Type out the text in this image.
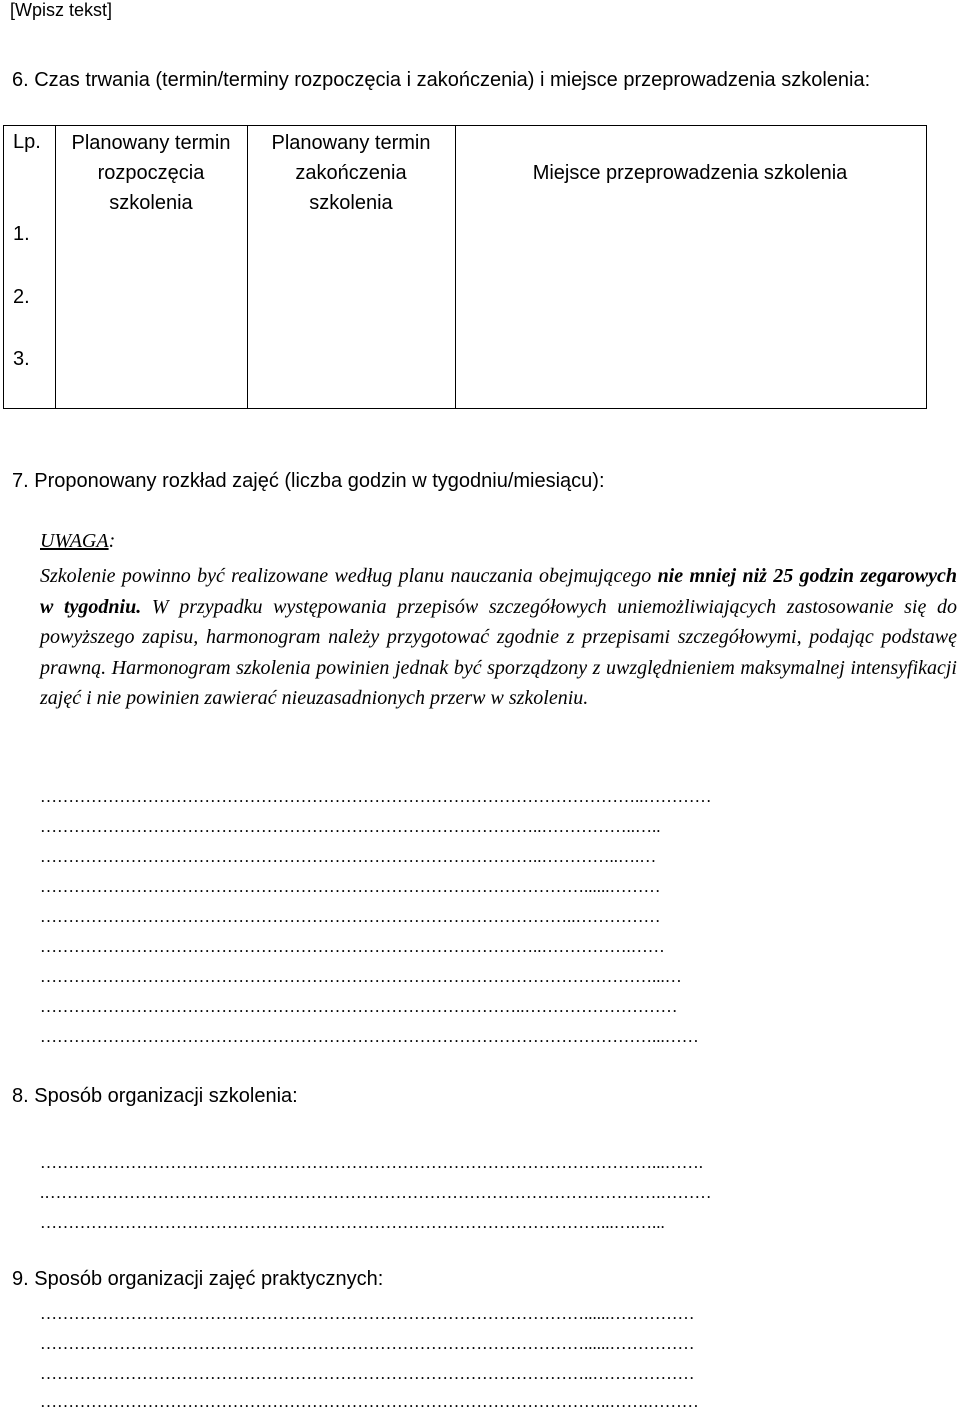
[Wpisz tekst]
6. Czas trwania (termin/terminy rozpoczęcia i zakończenia) i miejsce przeprowadzenia szkolenia:
Lp.	Planowany termin
rozpoczęcia
szkolenia
Planowany termin
zakończenia
szkolenia
Miejsce przeprowadzenia szkolenia
1.
2.
3.
7. Proponowany rozkład zajęć (liczba godzin w tygodniu/miesiącu):
UWAGA:
Szkolenie powinno być realizowane według planu nauczania obejmującego nie mniej niż 25 godzin zegarowych w tygodniu. W przypadku występowania przepisów szczegółowych uniemożliwiających zastosowanie się do powyższego zapisu, harmonogram należy przygotować zgodnie z przepisami szczegółowymi, podając podstawę prawną. Harmonogram szkolenia powinien jednak być sporządzony z uwzględnieniem maksymalnej intensyfikacji zajęć i nie powinien zawierać nieuzasadnionych przerw w szkoleniu.
……………………………………………………………………………………………..…………
……………………………………………………………………………..……………..…..
……………………………………………………………………………..…………..….…
……………………………………………………………………………………......………
…………………………………………………………………………………..……………
……………………………………………………………………………..…………….……
………………………………………………………………………………………………...…
…………………………………………………………………………..………………………
………………………………………………………………………………………………...……
8. Sposób organizacji szkolenia:
………………………………………………………………………………………………...…….
.……………………………………………………………………………………………….………
………………………………………………………………………………………...….…...
9. Sposób organizacji zajęć praktycznych:
……………………………………………………………………………………......……………
……………………………………………………………………………………......……………
……………………………………………………………………………………..………………
………………………………………………………………………………………..…….………
